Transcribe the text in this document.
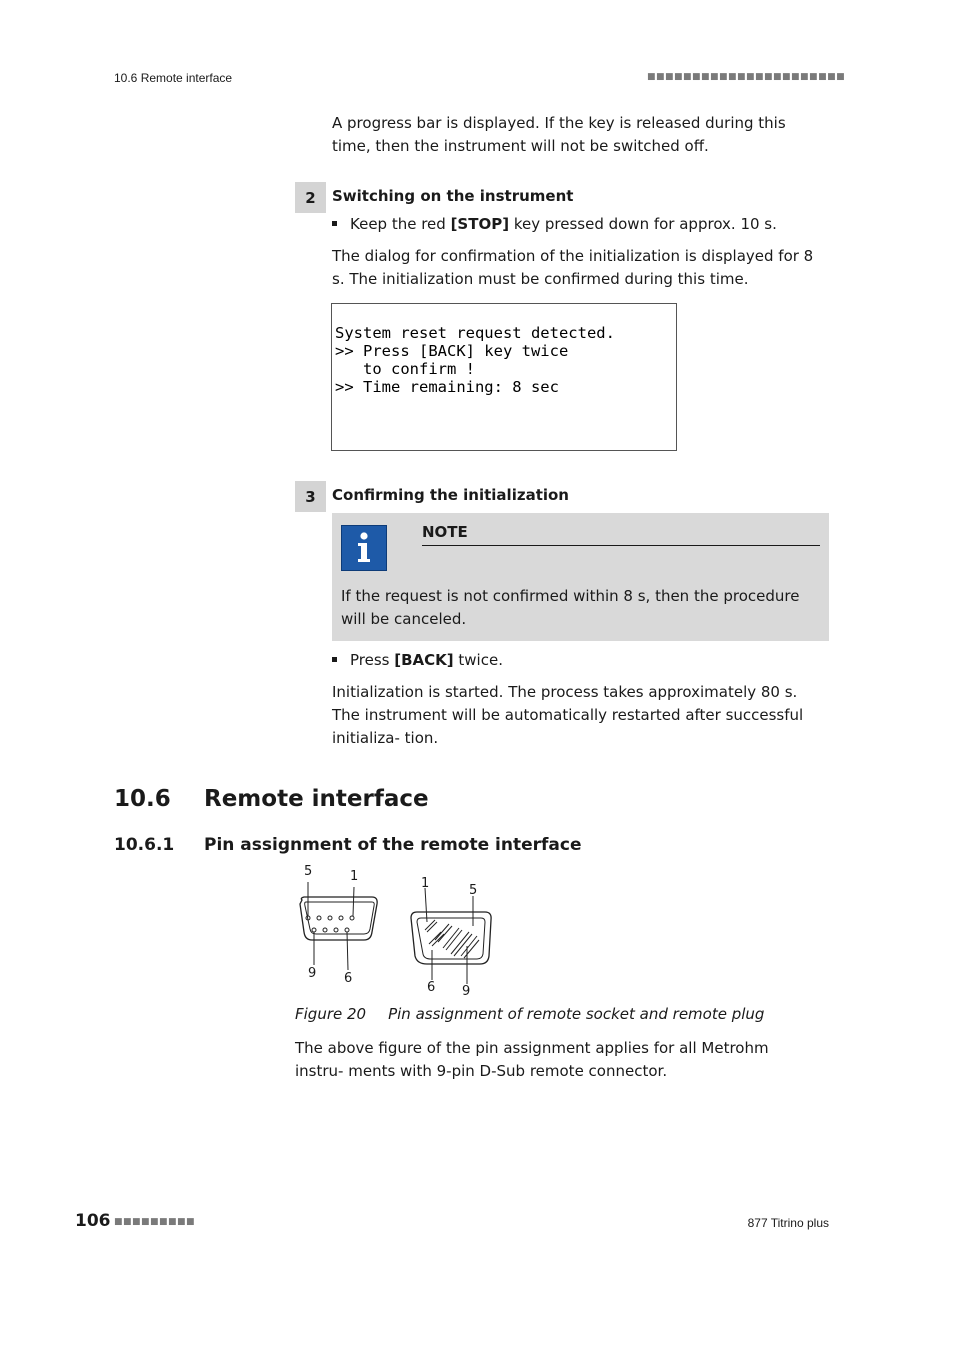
10.6 Remote interface	■■■■■■■■■■■■■■■■■■■■■■
A progress bar is displayed. If the key is released during this time, then the instrument will not be switched off.
2	Switching on the instrument
Keep the red [STOP] key pressed down for approx. 10 s.
The dialog for confirmation of the initialization is displayed for 8 s. The initialization must be confirmed during this time.

System reset request detected.
>> Press [BACK] key twice
to confirm !
>> Time remaining: 8 sec

3	Confirming the initialization
NOTE
If the request is not confirmed within 8 s, then the procedure will be canceled.
Press [BACK] twice.
Initialization is started. The process takes approximately 80 s. The instrument will be automatically restarted after successful initializa- tion.
10.6 Remote interface
10.6.1 Pin assignment of the remote interface
5	1
9 6
1	5
6 9
Figure 20 Pin assignment of remote socket and remote plug
The above figure of the pin assignment applies for all Metrohm instru- ments with 9-pin D-Sub remote connector.
106 ■■■■■■■■■	877 Titrino plus
